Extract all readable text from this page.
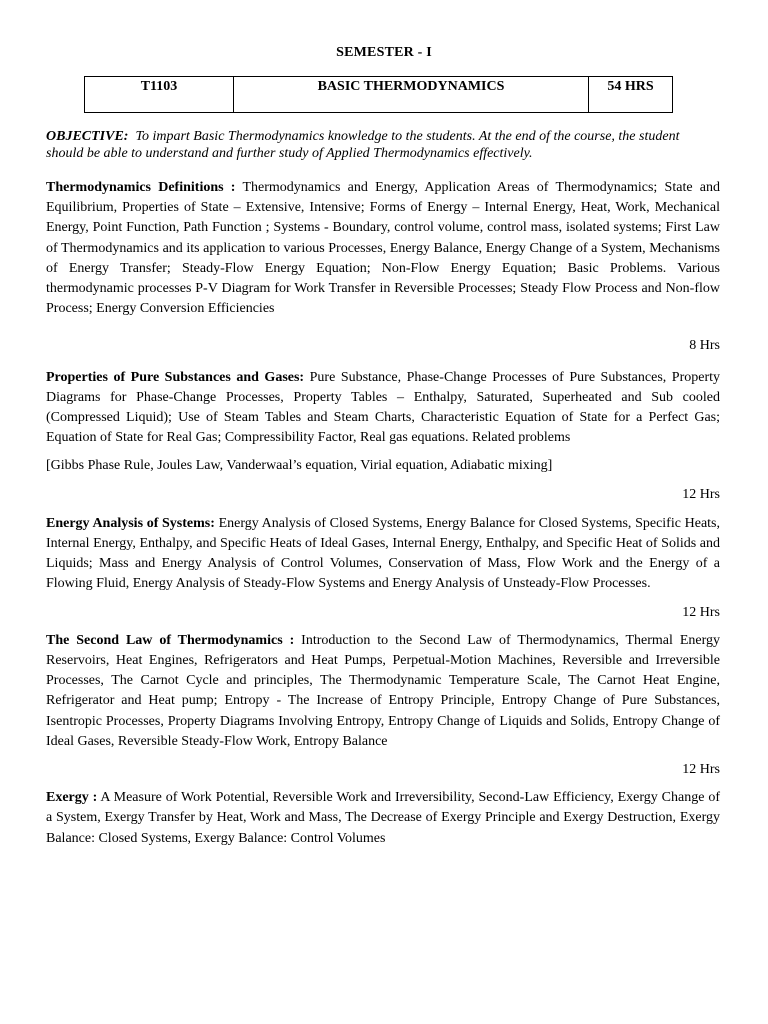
SEMESTER - I
T1103	BASIC THERMODYNAMICS	54 HRS

OBJECTIVE: To impart Basic Thermodynamics knowledge to the students. At the end of the course, the student should be able to understand and further study of Applied Thermodynamics effectively.

Thermodynamics Definitions : Thermodynamics and Energy, Application Areas of Thermodynamics; State and Equilibrium, Properties of State – Extensive, Intensive; Forms of Energy – Internal Energy, Heat, Work, Mechanical Energy, Point Function, Path Function ; Systems - Boundary, control volume, control mass, isolated systems; First Law of Thermodynamics and its application to various Processes, Energy Balance, Energy Change of a System, Mechanisms of Energy Transfer; Steady-Flow Energy Equation; Non-Flow Energy Equation; Basic Problems. Various thermodynamic processes P-V Diagram for Work Transfer in Reversible Processes; Steady Flow Process and Non-flow Process; Energy Conversion Efficiencies

8 Hrs

Properties of Pure Substances and Gases: Pure Substance, Phase-Change Processes of Pure Substances, Property Diagrams for Phase-Change Processes, Property Tables – Enthalpy, Saturated, Superheated and Sub cooled (Compressed Liquid); Use of Steam Tables and Steam Charts, Characteristic Equation of State for a Perfect Gas; Equation of State for Real Gas; Compressibility Factor, Real gas equations. Related problems

[Gibbs Phase Rule, Joules Law, Vanderwaal’s equation, Virial equation, Adiabatic mixing]

12 Hrs

Energy Analysis of Systems: Energy Analysis of Closed Systems, Energy Balance for Closed Systems, Specific Heats, Internal Energy, Enthalpy, and Specific Heats of Ideal Gases, Internal Energy, Enthalpy, and Specific Heat of Solids and Liquids; Mass and Energy Analysis of Control Volumes, Conservation of Mass, Flow Work and the Energy of a Flowing Fluid, Energy Analysis of Steady-Flow Systems and Energy Analysis of Unsteady-Flow Processes.

12 Hrs

The Second Law of Thermodynamics : Introduction to the Second Law of Thermodynamics, Thermal Energy Reservoirs, Heat Engines, Refrigerators and Heat Pumps, Perpetual-Motion Machines, Reversible and Irreversible Processes, The Carnot Cycle and principles, The Thermodynamic Temperature Scale, The Carnot Heat Engine, Refrigerator and Heat pump; Entropy - The Increase of Entropy Principle, Entropy Change of Pure Substances, Isentropic Processes, Property Diagrams Involving Entropy, Entropy Change of Liquids and Solids, Entropy Change of Ideal Gases, Reversible Steady-Flow Work, Entropy Balance

12 Hrs

Exergy : A Measure of Work Potential, Reversible Work and Irreversibility, Second-Law Efficiency, Exergy Change of a System, Exergy Transfer by Heat, Work and Mass, The Decrease of Exergy Principle and Exergy Destruction, Exergy Balance: Closed Systems, Exergy Balance: Control Volumes
